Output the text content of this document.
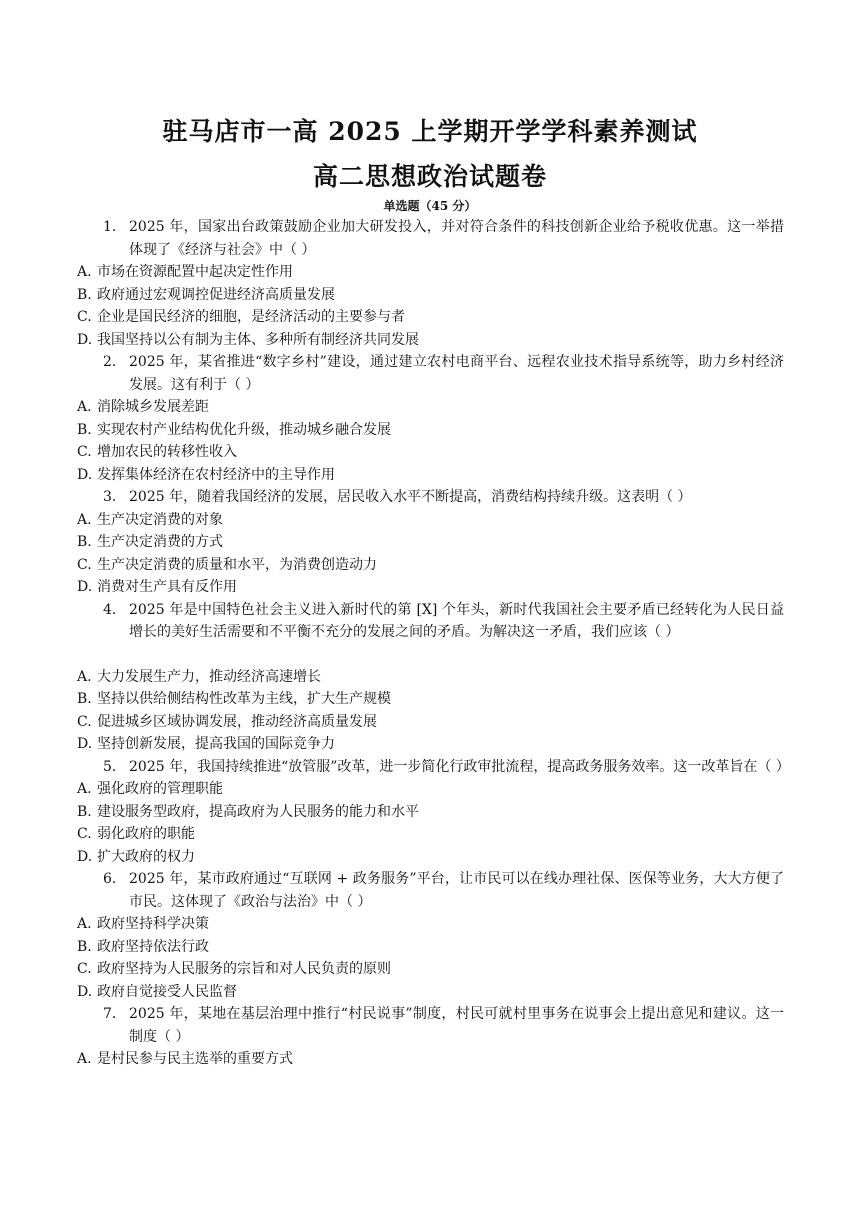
驻马店市一高 2025 上学期开学学科素养测试
高二思想政治试题卷
单选题（45 分）
1. 2025 年，国家出台政策鼓励企业加大研发投入，并对符合条件的科技创新企业给予税收优惠。这一举措体现了《经济与社会》中（ ）
A. 市场在资源配置中起决定性作用
B. 政府通过宏观调控促进经济高质量发展
C. 企业是国民经济的细胞，是经济活动的主要参与者
D. 我国坚持以公有制为主体、多种所有制经济共同发展
2. 2025 年，某省推进“数字乡村”建设，通过建立农村电商平台、远程农业技术指导系统等，助力乡村经济发展。这有利于（ ）
A. 消除城乡发展差距
B. 实现农村产业结构优化升级，推动城乡融合发展
C. 增加农民的转移性收入
D. 发挥集体经济在农村经济中的主导作用
3. 2025 年，随着我国经济的发展，居民收入水平不断提高，消费结构持续升级。这表明（ ）
A. 生产决定消费的对象
B. 生产决定消费的方式
C. 生产决定消费的质量和水平，为消费创造动力
D. 消费对生产具有反作用
4. 2025 年是中国特色社会主义进入新时代的第 [X] 个年头，新时代我国社会主要矛盾已经转化为人民日益增长的美好生活需要和不平衡不充分的发展之间的矛盾。为解决这一矛盾，我们应该（ ）
A. 大力发展生产力，推动经济高速增长
B. 坚持以供给侧结构性改革为主线，扩大生产规模
C. 促进城乡区域协调发展，推动经济高质量发展
D. 坚持创新发展，提高我国的国际竞争力
5. 2025 年，我国持续推进“放管服”改革，进一步简化行政审批流程，提高政务服务效率。这一改革旨在（ ）
A. 强化政府的管理职能
B. 建设服务型政府，提高政府为人民服务的能力和水平
C. 弱化政府的职能
D. 扩大政府的权力
6. 2025 年，某市政府通过“互联网 + 政务服务”平台，让市民可以在线办理社保、医保等业务，大大方便了市民。这体现了《政治与法治》中（ ）
A. 政府坚持科学决策
B. 政府坚持依法行政
C. 政府坚持为人民服务的宗旨和对人民负责的原则
D. 政府自觉接受人民监督
7. 2025 年，某地在基层治理中推行“村民说事”制度，村民可就村里事务在说事会上提出意见和建议。这一制度（ ）
A. 是村民参与民主选举的重要方式
